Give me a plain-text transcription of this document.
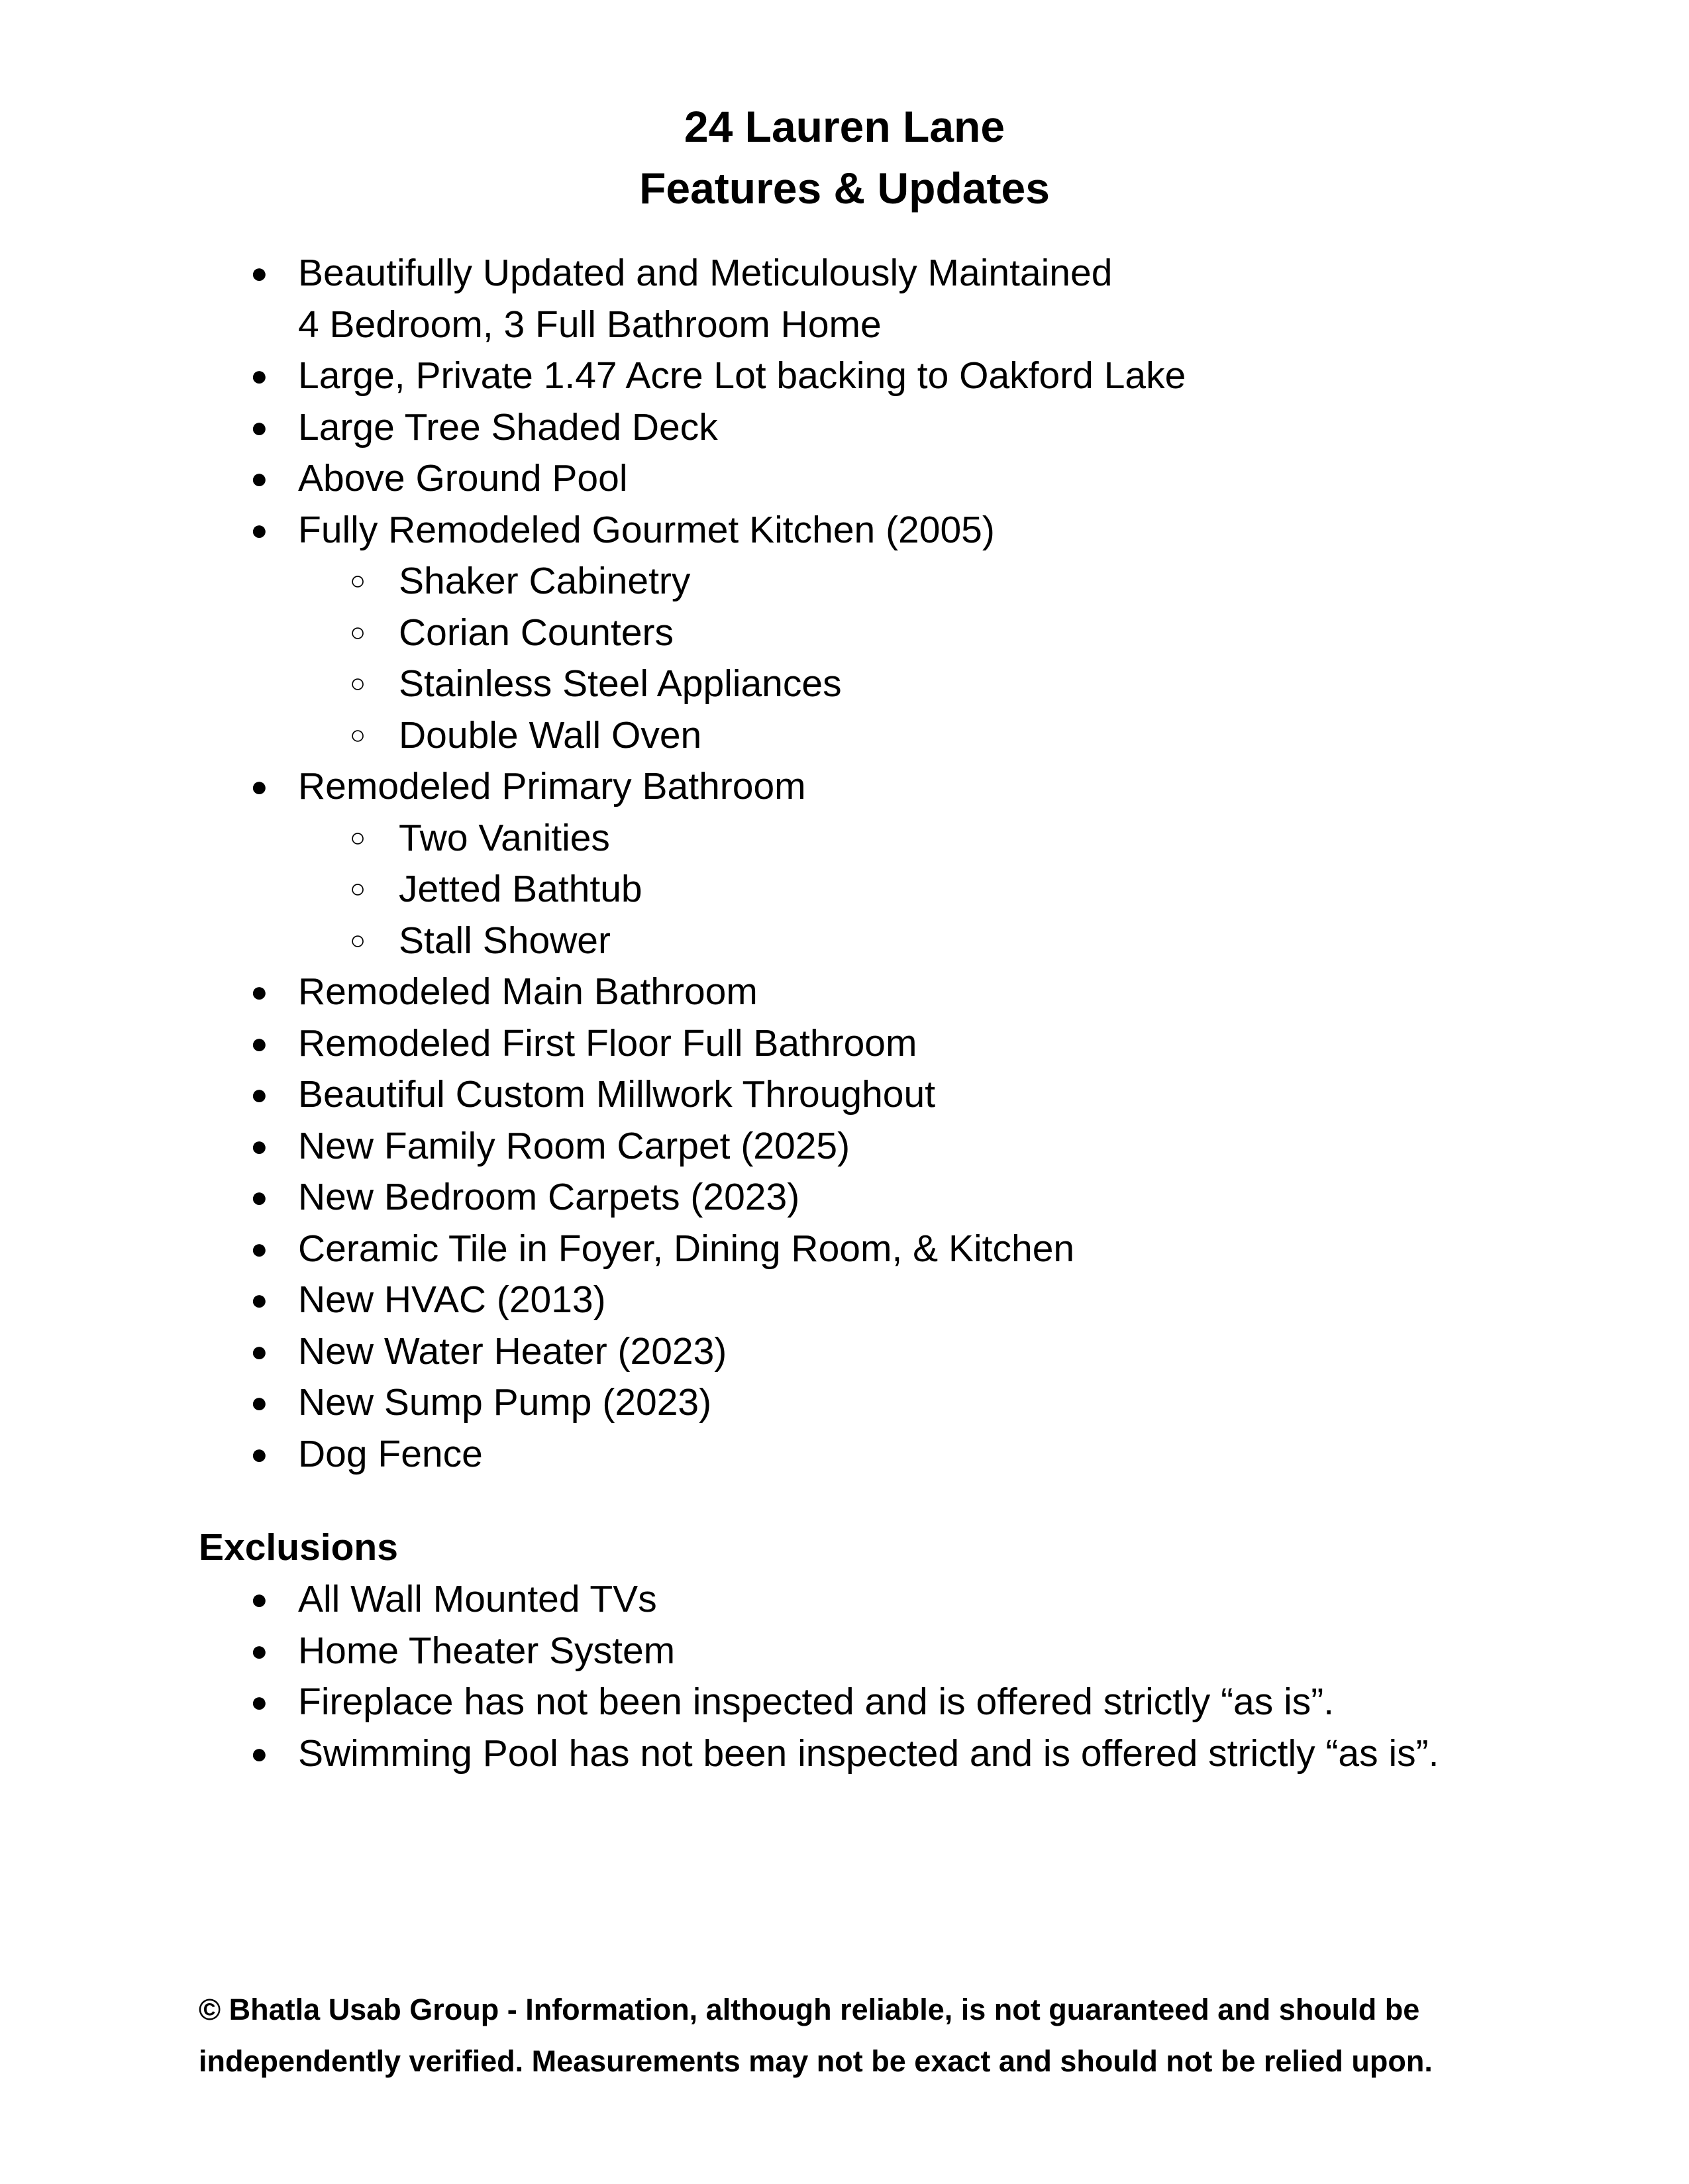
24 Lauren Lane
Features & Updates
● Beautifully Updated and Meticulously Maintained
4 Bedroom, 3 Full Bathroom Home
● Large, Private 1.47 Acre Lot backing to Oakford Lake
● Large Tree Shaded Deck
● Above Ground Pool
● Fully Remodeled Gourmet Kitchen (2005)
○ Shaker Cabinetry
○ Corian Counters
○ Stainless Steel Appliances
○ Double Wall Oven
● Remodeled Primary Bathroom
○ Two Vanities
○ Jetted Bathtub
○ Stall Shower
● Remodeled Main Bathroom
● Remodeled First Floor Full Bathroom
● Beautiful Custom Millwork Throughout
● New Family Room Carpet (2025)
● New Bedroom Carpets (2023)
● Ceramic Tile in Foyer, Dining Room, & Kitchen
● New HVAC (2013)
● New Water Heater (2023)
● New Sump Pump (2023)
● Dog Fence
Exclusions
● All Wall Mounted TVs
● Home Theater System
● Fireplace has not been inspected and is offered strictly “as is”.
● Swimming Pool has not been inspected and is offered strictly “as is”.
© Bhatla Usab Group - Information, although reliable, is not guaranteed and should be
independently verified. Measurements may not be exact and should not be relied upon.
